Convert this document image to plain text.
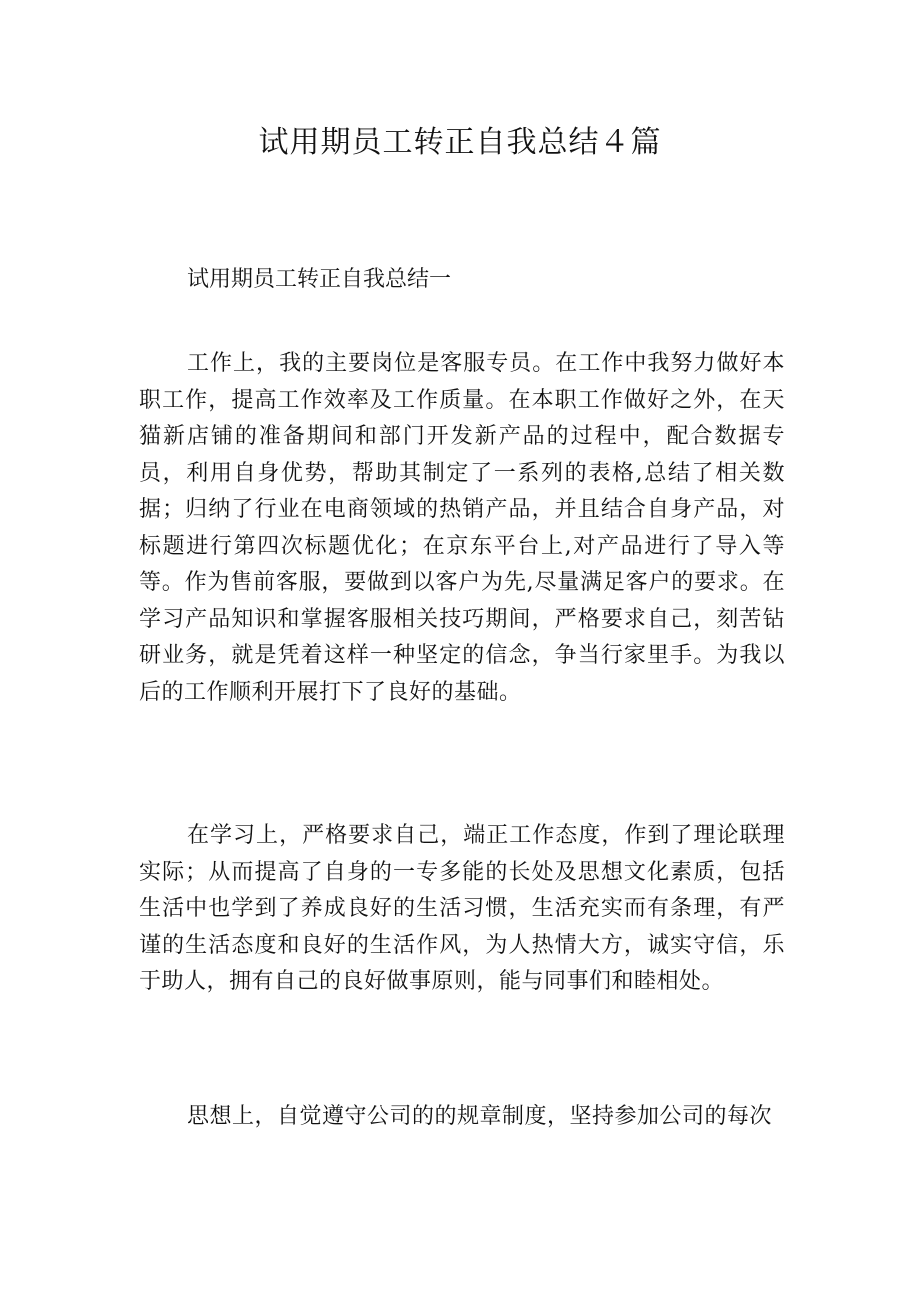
试用期员工转正自我总结４篇

试用期员工转正自我总结一

工作上，我的主要岗位是客服专员。在工作中我努力做好本职工作，提高工作效率及工作质量。在本职工作做好之外，在天猫新店铺的准备期间和部门开发新产品的过程中，配合数据专员，利用自身优势，帮助其制定了一系列的表格,总结了相关数据；归纳了行业在电商领域的热销产品，并且结合自身产品，对标题进行第四次标题优化；在京东平台上,对产品进行了导入等等。作为售前客服，要做到以客户为先,尽量满足客户的要求。在学习产品知识和掌握客服相关技巧期间，严格要求自己，刻苦钻研业务，就是凭着这样一种坚定的信念，争当行家里手。为我以后的工作顺利开展打下了良好的基础。

在学习上，严格要求自己，端正工作态度，作到了理论联理实际；从而提高了自身的一专多能的长处及思想文化素质，包括生活中也学到了养成良好的生活习惯，生活充实而有条理，有严谨的生活态度和良好的生活作风，为人热情大方，诚实守信，乐于助人，拥有自己的良好做事原则，能与同事们和睦相处。

思想上，自觉遵守公司的的规章制度，坚持参加公司的每次
